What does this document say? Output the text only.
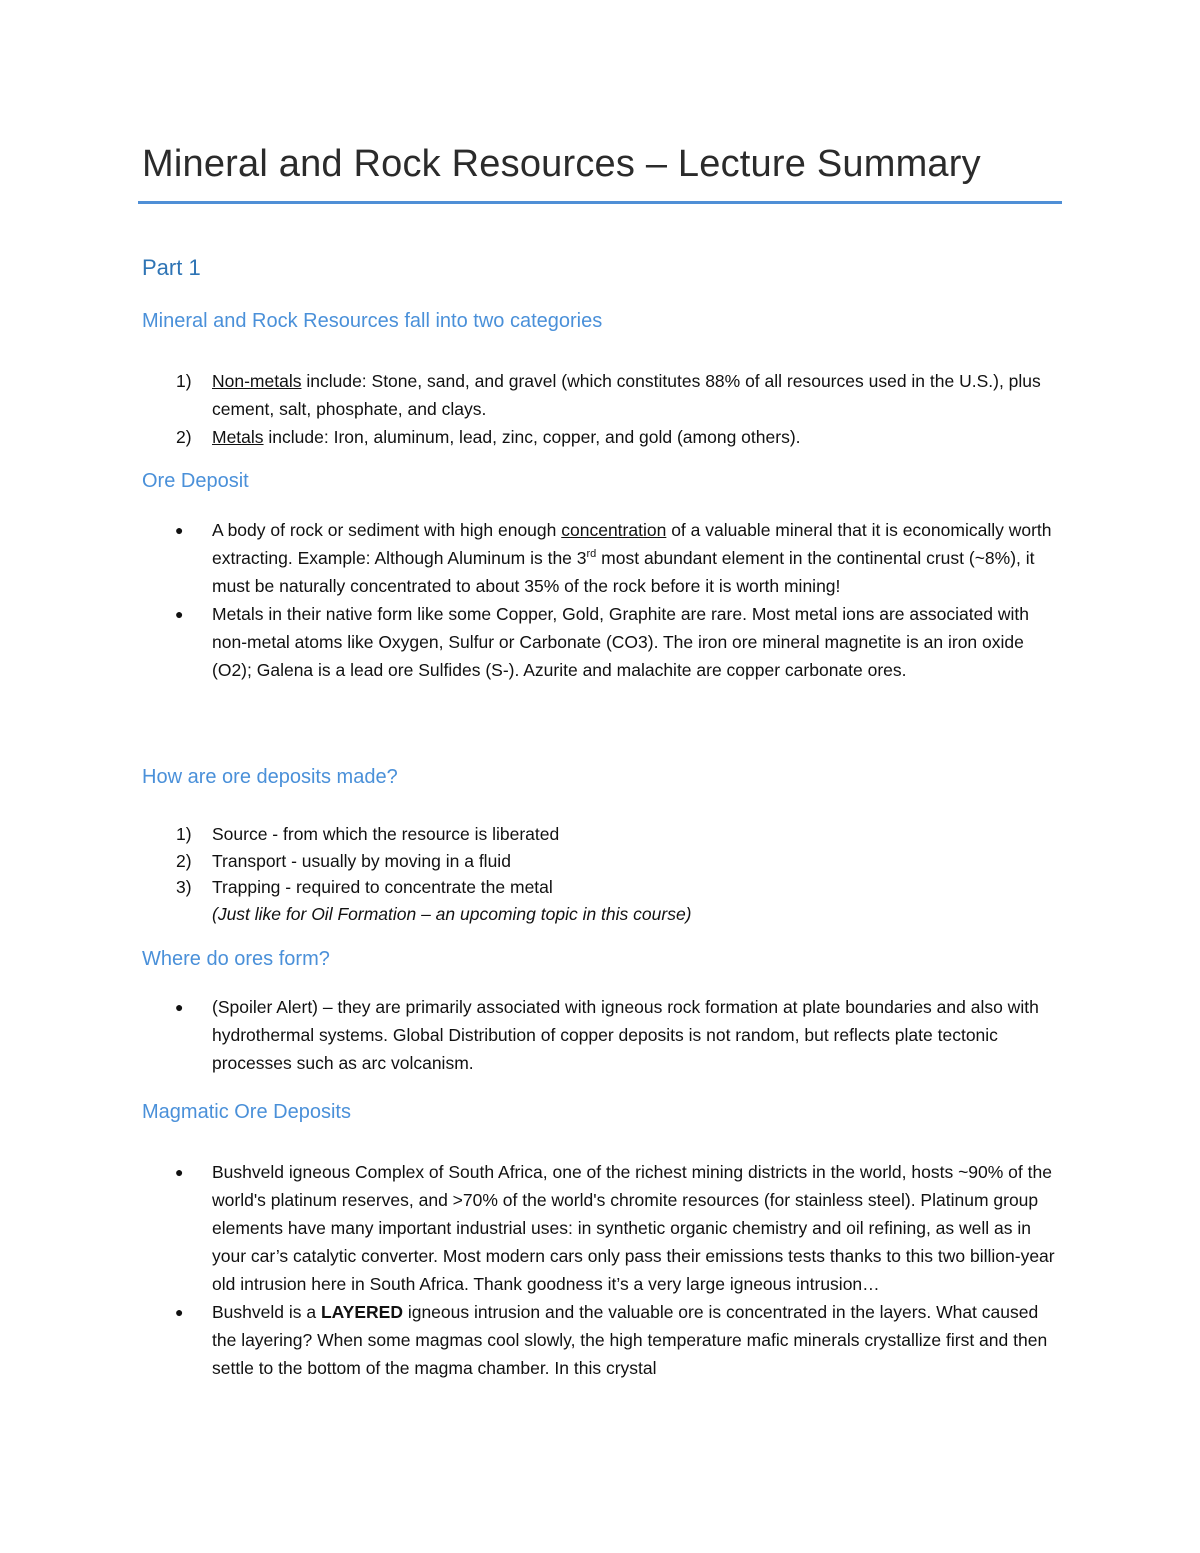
Mineral and Rock Resources – Lecture Summary
Part 1
Mineral and Rock Resources fall into two categories
1) Non-metals include: Stone, sand, and gravel (which constitutes 88% of all resources used in the U.S.), plus cement, salt, phosphate, and clays.
2) Metals include: Iron, aluminum, lead, zinc, copper, and gold (among others).
Ore Deposit
● A body of rock or sediment with high enough concentration of a valuable mineral that it is economically worth extracting. Example: Although Aluminum is the 3rd most abundant element in the continental crust (~8%), it must be naturally concentrated to about 35% of the rock before it is worth mining!
● Metals in their native form like some Copper, Gold, Graphite are rare. Most metal ions are associated with non-metal atoms like Oxygen, Sulfur or Carbonate (CO3). The iron ore mineral magnetite is an iron oxide (O2); Galena is a lead ore Sulfides (S-). Azurite and malachite are copper carbonate ores.
How are ore deposits made?
1) Source - from which the resource is liberated
2) Transport - usually by moving in a fluid
3) Trapping - required to concentrate the metal
(Just like for Oil Formation – an upcoming topic in this course)
Where do ores form?
● (Spoiler Alert) – they are primarily associated with igneous rock formation at plate boundaries and also with hydrothermal systems. Global Distribution of copper deposits is not random, but reflects plate tectonic processes such as arc volcanism.
Magmatic Ore Deposits
● Bushveld igneous Complex of South Africa, one of the richest mining districts in the world, hosts ~90% of the world's platinum reserves, and >70% of the world's chromite resources (for stainless steel). Platinum group elements have many important industrial uses: in synthetic organic chemistry and oil refining, as well as in your car’s catalytic converter. Most modern cars only pass their emissions tests thanks to this two billion-year old intrusion here in South Africa. Thank goodness it’s a very large igneous intrusion…
● Bushveld is a LAYERED igneous intrusion and the valuable ore is concentrated in the layers. What caused the layering? When some magmas cool slowly, the high temperature mafic minerals crystallize first and then settle to the bottom of the magma chamber. In this crystal
